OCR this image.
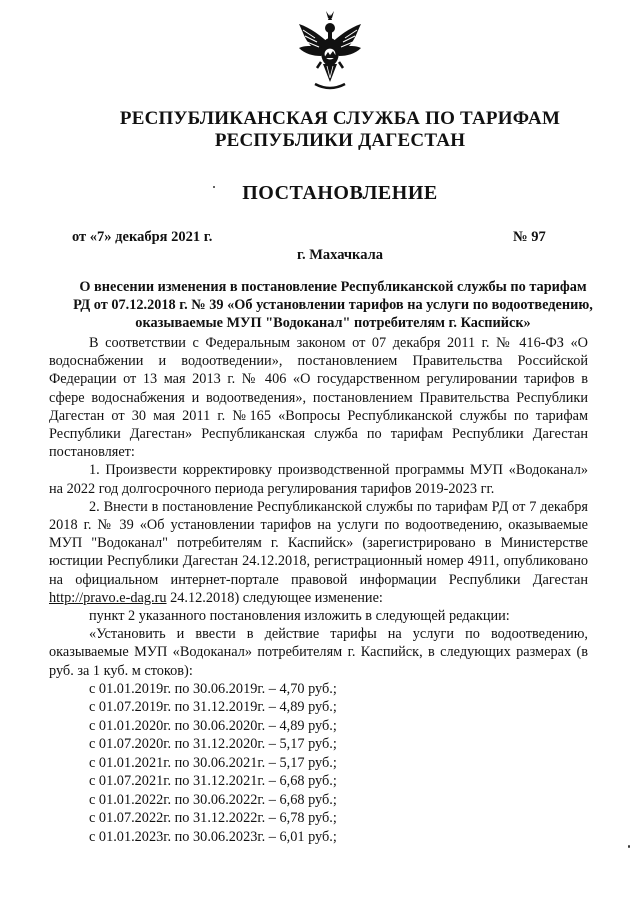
РЕСПУБЛИКАНСКАЯ СЛУЖБА ПО ТАРИФАМ
РЕСПУБЛИКИ ДАГЕСТАН
ПОСТАНОВЛЕНИЕ
от «7» декабря 2021 г.	№ 97
г. Махачкала
О внесении изменения в постановление Республиканской службы по тарифам РД от 07.12.2018 г. № 39 «Об установлении тарифов на услуги по водоотведению, оказываемые МУП "Водоканал" потребителям г. Каспийск»

В соответствии с Федеральным законом от 07 декабря 2011 г. № 416-ФЗ «О водоснабжении и водоотведении», постановлением Правительства Российской Федерации от 13 мая 2013 г. № 406 «О государственном регулировании тарифов в сфере водоснабжения и водоотведения», постановлением Правительства Республики Дагестан от 30 мая 2011 г. №165 «Вопросы Республиканской службы по тарифам Республики Дагестан» Республиканская служба по тарифам Республики Дагестан постановляет:

1. Произвести корректировку производственной программы МУП «Водоканал» на 2022 год долгосрочного периода регулирования тарифов 2019-2023 гг.

2. Внести в постановление Республиканской службы по тарифам РД от 7 декабря 2018 г. № 39 «Об установлении тарифов на услуги по водоотведению, оказываемые МУП "Водоканал" потребителям г. Каспийск» (зарегистрировано в Министерстве юстиции Республики Дагестан 24.12.2018, регистрационный номер 4911, опубликовано на официальном интернет-портале правовой информации Республики Дагестан http://pravo.e-dag.ru 24.12.2018) следующее изменение:

пункт 2 указанного постановления изложить в следующей редакции:

«Установить и ввести в действие тарифы на услуги по водоотведению, оказываемые МУП «Водоканал» потребителям г. Каспийск, в следующих размерах (в руб. за 1 куб. м стоков):

с 01.01.2019г. по 30.06.2019г. – 4,70 руб.;
с 01.07.2019г. по 31.12.2019г. – 4,89 руб.;
с 01.01.2020г. по 30.06.2020г. – 4,89 руб.;
с 01.07.2020г. по 31.12.2020г. – 5,17 руб.;
с 01.01.2021г. по 30.06.2021г. – 5,17 руб.;
с 01.07.2021г. по 31.12.2021г. – 6,68 руб.;
с 01.01.2022г. по 30.06.2022г. – 6,68 руб.;
с 01.07.2022г. по 31.12.2022г. – 6,78 руб.;
с 01.01.2023г. по 30.06.2023г. – 6,01 руб.;
